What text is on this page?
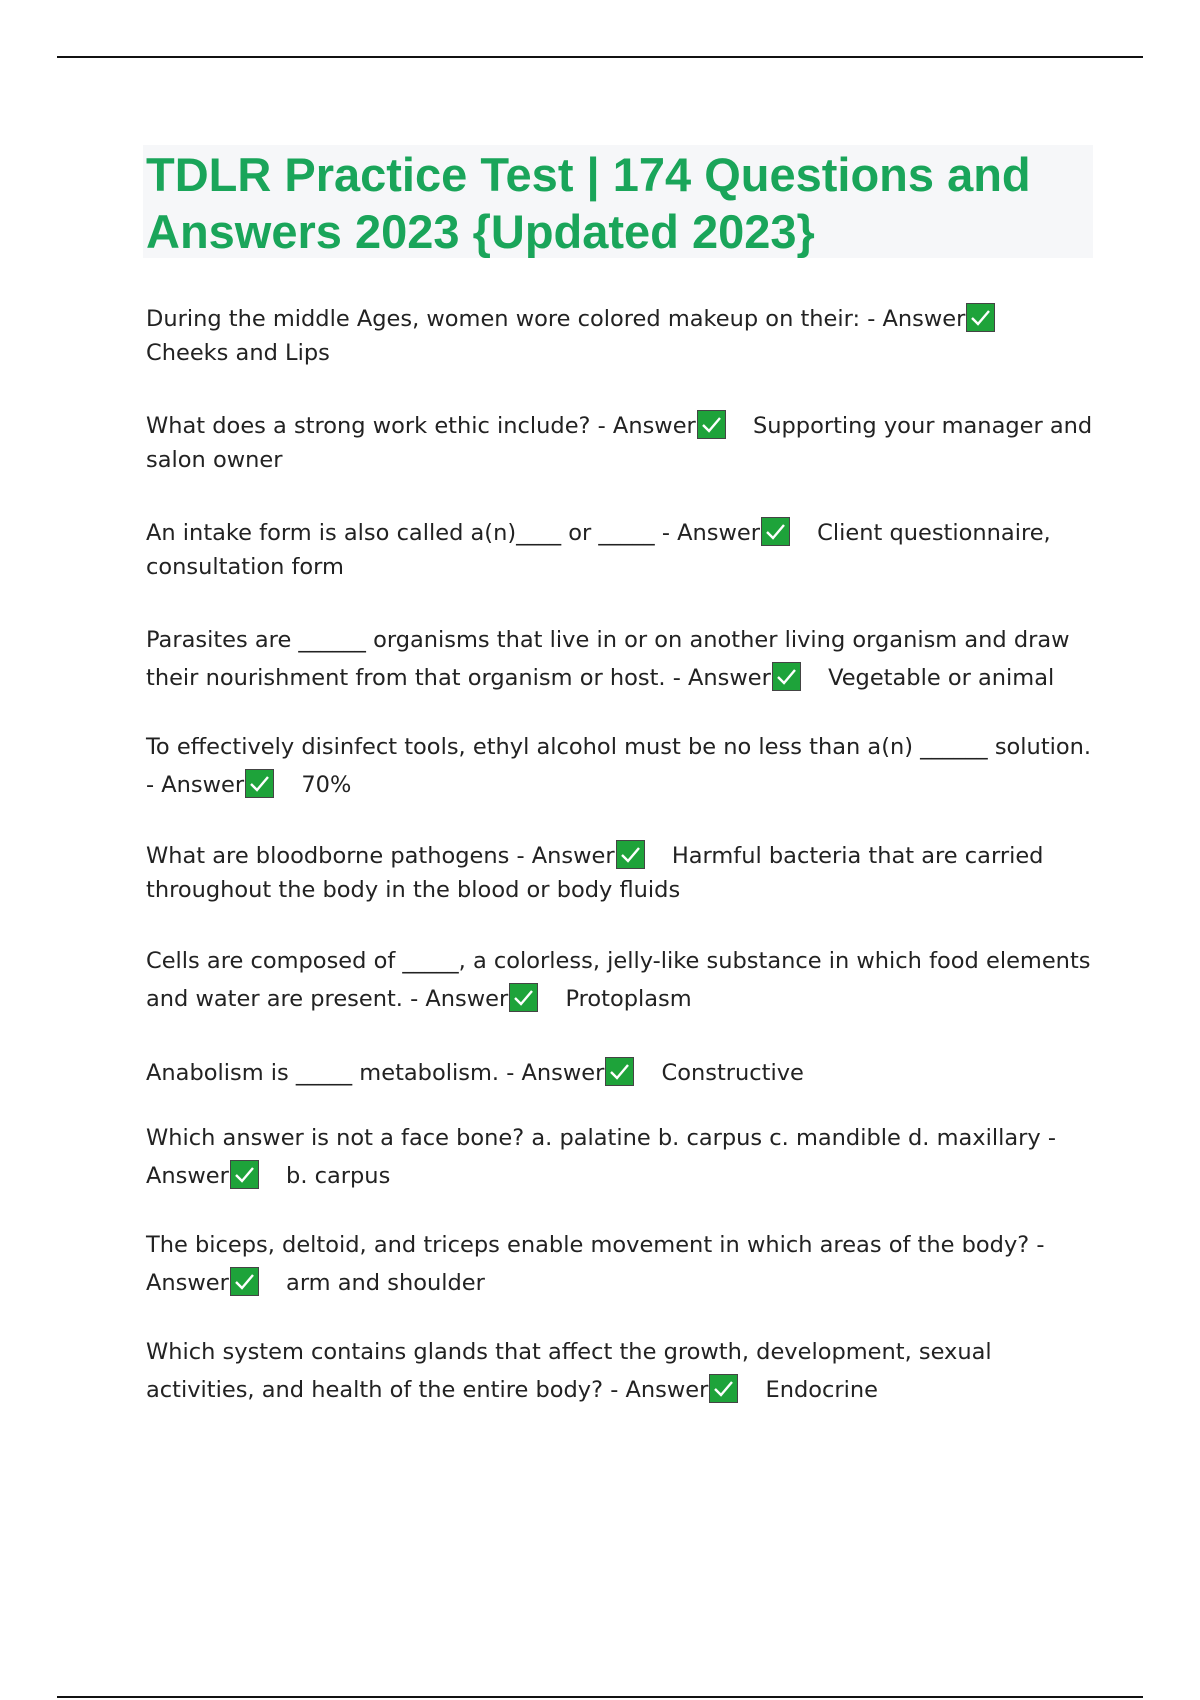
TDLR Practice Test | 174 Questions and Answers 2023 {Updated 2023}

During the middle Ages, women wore colored makeup on their: - Answer

Cheeks and Lips

What does a strong work ethic include? - Answer	Supporting your manager and salon owner

An intake form is also called a(n)____ or _____ - Answer	Client questionnaire, consultation form

Parasites are ______ organisms that live in or on another living organism and draw their nourishment from that organism or host. - Answer	Vegetable or animal

To effectively disinfect tools, ethyl alcohol must be no less than a(n) ______ solution. - Answer	70%

What are bloodborne pathogens - Answer	Harmful bacteria that are carried throughout the body in the blood or body fluids

Cells are composed of _____, a colorless, jelly-like substance in which food elements and water are present. - Answer	Protoplasm

Anabolism is _____ metabolism. - Answer	Constructive

Which answer is not a face bone? a. palatine b. carpus c. mandible d. maxillary - Answer	b. carpus

The biceps, deltoid, and triceps enable movement in which areas of the body? - Answer	arm and shoulder

Which system contains glands that affect the growth, development, sexual activities, and health of the entire body? - Answer	Endocrine
